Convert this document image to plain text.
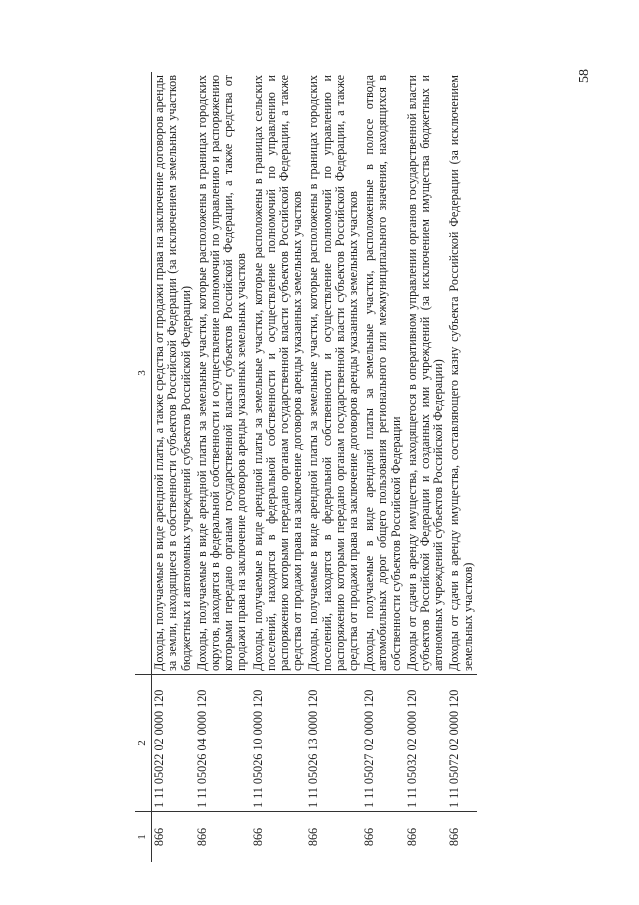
58
1	2	3
866	1 11 05022 02 0000 120	Доходы, получаемые в виде арендной платы, а также средства от продажи права на заключение договоров аренды за земли, находящиеся в собственности субъектов Российской Федерации (за исключением земельных участков бюджетных и автономных учреждений субъектов Российской Федерации)
866	1 11 05026 04 0000 120	Доходы, получаемые в виде арендной платы за земельные участки, которые расположены в границах городских округов, находятся в федеральной собственности и осуществление полномочий по управлению и распоряжению которыми передано органам государственной власти субъектов Российской Федерации, а также средства от продажи права на заключение договоров аренды указанных земельных участков
866	1 11 05026 10 0000 120	Доходы, получаемые в виде арендной платы за земельные участки, которые расположены в границах сельских поселений, находятся в федеральной собственности и осуществление полномочий по управлению и распоряжению которыми передано органам государственной власти субъектов Российской Федерации, а также средства от продажи права на заключение договоров аренды указанных земельных участков
866	1 11 05026 13 0000 120	Доходы, получаемые в виде арендной платы за земельные участки, которые расположены в границах городских поселений, находятся в федеральной собственности и осуществление полномочий по управлению и распоряжению которыми передано органам государственной власти субъектов Российской Федерации, а также средства от продажи права на заключение договоров аренды указанных земельных участков
866	1 11 05027 02 0000 120	Доходы, получаемые в виде арендной платы за земельные участки, расположенные в полосе отвода автомобильных дорог общего пользования регионального или межмуниципального значения, находящихся в собственности субъектов Российской Федерации
866	1 11 05032 02 0000 120	Доходы от сдачи в аренду имущества, находящегося в оперативном управлении органов государственной власти субъектов Российской Федерации и созданных ими учреждений (за исключением имущества бюджетных и автономных учреждений субъектов Российской Федерации)
866	1 11 05072 02 0000 120	Доходы от сдачи в аренду имущества, составляющего казну субъекта Российской Федерации (за исключением земельных участков)
